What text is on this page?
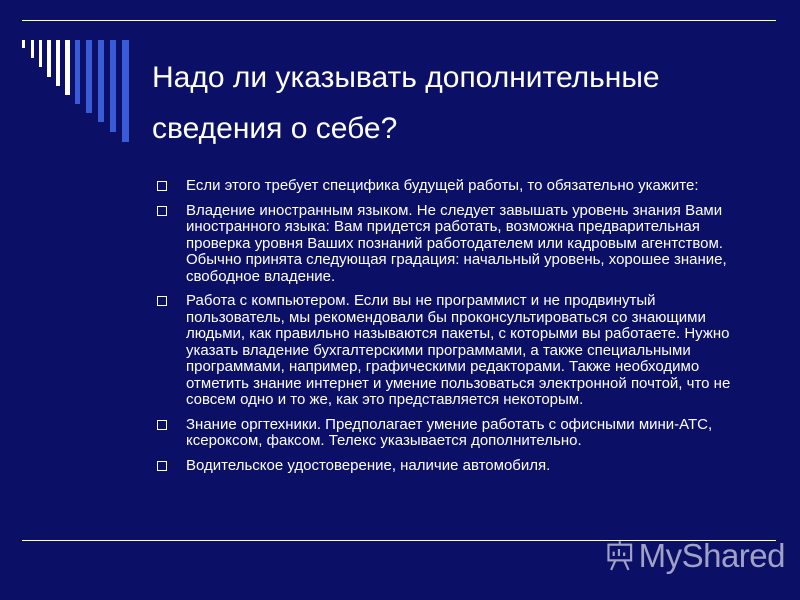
Надо ли указывать дополнительные сведения о себе?
Если этого требует специфика будущей работы, то обязательно укажите:
Владение иностранным языком. Не следует завышать уровень знания Вами иностранного языка: Вам придется работать, возможна предварительная проверка уровня Ваших познаний работодателем или кадровым агентством. Обычно принята следующая градация: начальный уровень, хорошее знание, свободное владение.
Работа с компьютером. Если вы не программист и не продвинутый пользователь, мы рекомендовали бы проконсультироваться со знающими людьми, как правильно называются пакеты, с которыми вы работаете. Нужно указать владение бухгалтерскими программами, а также специальными программами, например, графическими редакторами. Также необходимо отметить знание интернет и умение пользоваться электронной почтой, что не совсем одно и то же, как это представляется некоторым.
Знание оргтехники. Предполагает умение работать с офисными мини-АТС, ксероксом, факсом. Телекс указывается дополнительно.
Водительское удостоверение, наличие автомобиля.
MyShared
